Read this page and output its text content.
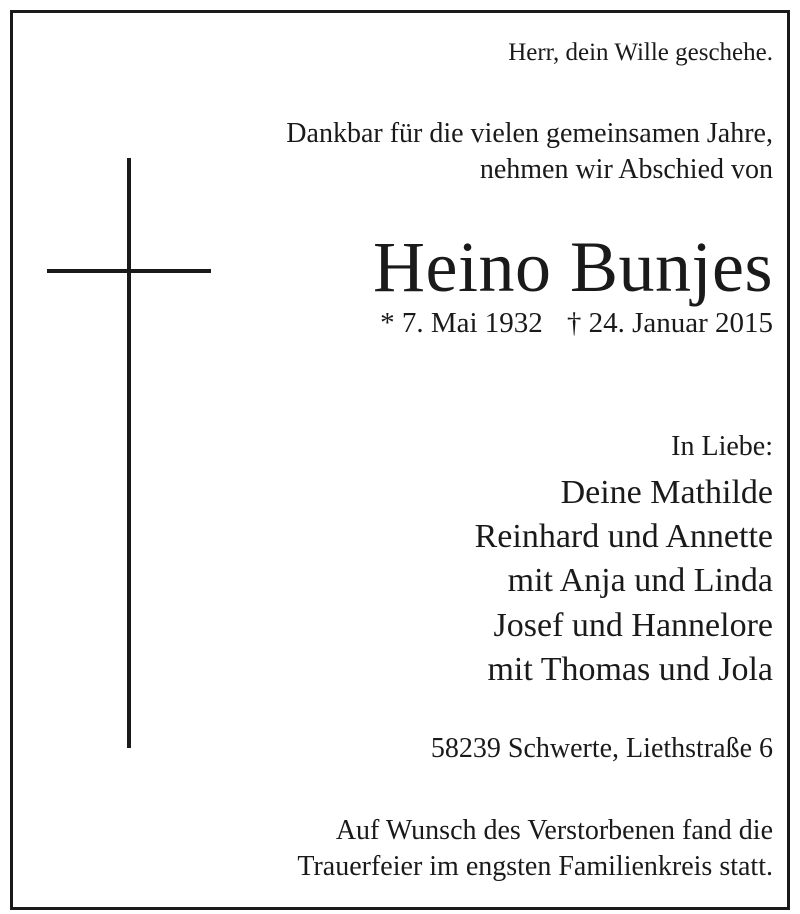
Herr, dein Wille geschehe.
Dankbar für die vielen gemeinsamen Jahre,
nehmen wir Abschied von
Heino Bunjes
* 7. Mai 1932 † 24. Januar 2015
In Liebe:
Deine Mathilde
Reinhard und Annette
mit Anja und Linda
Josef und Hannelore
mit Thomas und Jola
58239 Schwerte, Liethstraße 6
Auf Wunsch des Verstorbenen fand die
Trauerfeier im engsten Familienkreis statt.
